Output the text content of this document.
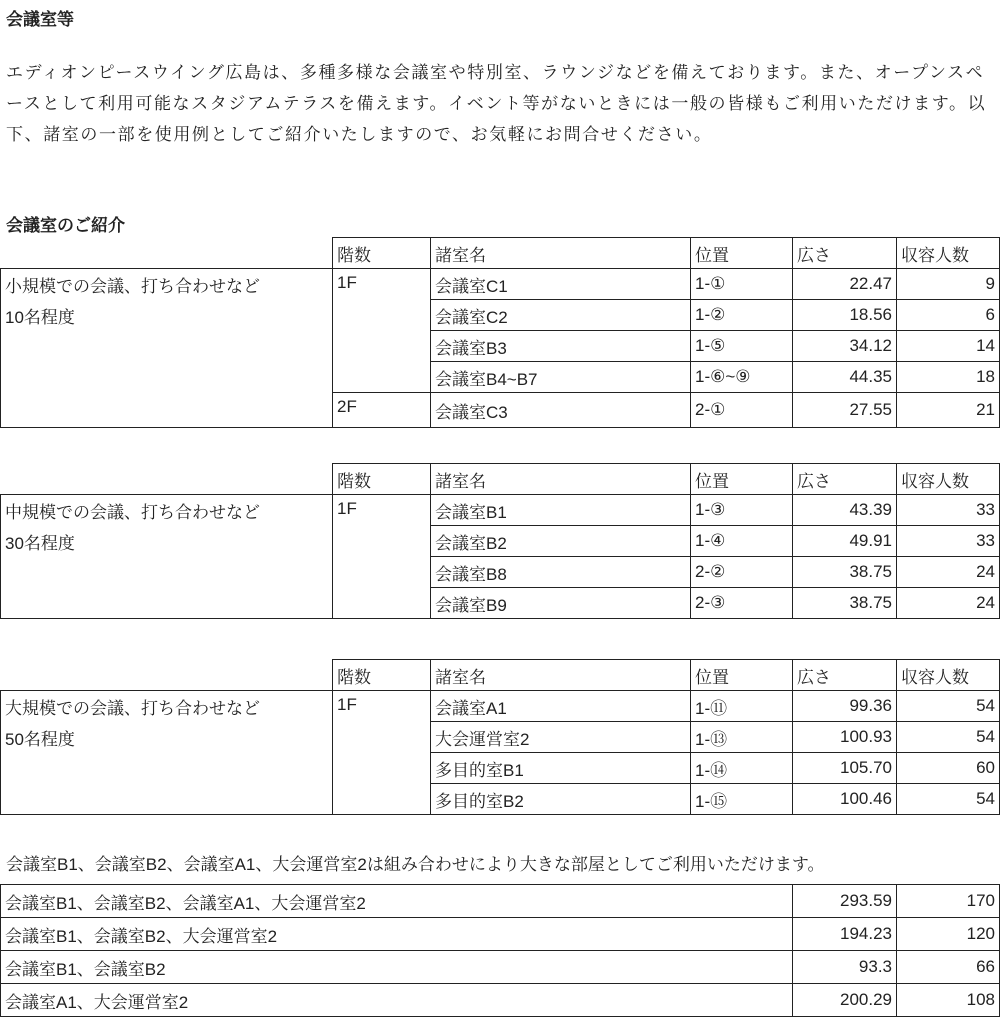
会議室等

エディオンピースウイング広島は、多種多様な会議室や特別室、ラウンジなどを備えております。また、オープンスペースとして利用可能なスタジアムテラスを備えます。イベント等がないときには一般の皆様もご利用いただけます。以下、諸室の一部を使用例としてご紹介いたしますので、お気軽にお問合せください。

会議室のご紹介
	階数	諸室名	位置	広さ	収容人数

小規模での会議、打ち合わせなど
10名程度	1F	会議室C1	1-①	22.47	9
		会議室C2	1-②	18.56	6
		会議室B3	1-⑤	34.12	14
		会議室B4~B7	1-⑥~⑨	44.35	18
	2F	会議室C3	2-①	27.55	21
	階数	諸室名	位置	広さ	収容人数

中規模での会議、打ち合わせなど
30名程度	1F	会議室B1	1-③	43.39	33
		会議室B2	1-④	49.91	33
		会議室B8	2-②	38.75	24
		会議室B9	2-③	38.75	24
	階数	諸室名	位置	広さ	収容人数

大規模での会議、打ち合わせなど
50名程度	1F	会議室A1	1-⑪	99.36	54
		大会運営室2	1-⑬	100.93	54
		多目的室B1	1-⑭	105.70	60
		多目的室B2	1-⑮	100.46	54

会議室B1、会議室B2、会議室A1、大会運営室2は組み合わせにより大きな部屋としてご利用いただけます。

会議室B1、会議室B2、会議室A1、大会運営室2	293.59	170
会議室B1、会議室B2、大会運営室2	194.23	120
会議室B1、会議室B2	93.3	66
会議室A1、大会運営室2	200.29	108
